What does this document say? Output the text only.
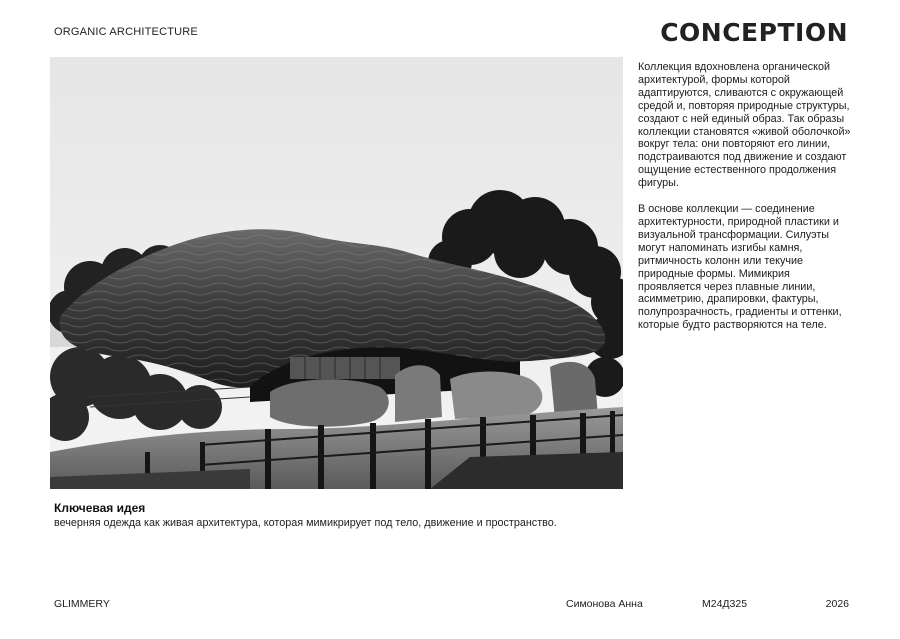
ORGANIC ARCHITECTURE	CONCEPTION

Коллекция вдохновлена органической архитектурой, формы которой адаптируются, сливаются с окружающей средой и, повторяя природные структуры, создают с ней единый образ. Так образы коллекции становятся «живой оболочкой» вокруг тела: они повторяют его линии, подстраиваются под движение и создают ощущение естественного продолжения фигуры.

В основе коллекции — соединение архитектурности, природной пластики и визуальной трансформации. Силуэты могут напоминать изгибы камня, ритмичность колонн или текучие природные формы. Мимикрия проявляется через плавные линии, асимметрию, драпировки, фактуры, полупрозрачность, градиенты и оттенки, которые будто растворяются на теле.

Ключевая идея
вечерняя одежда как живая архитектура, которая мимикрирует под тело, движение и пространство.
GLIMMERY	Симонова Анна	М24Д325	2026
